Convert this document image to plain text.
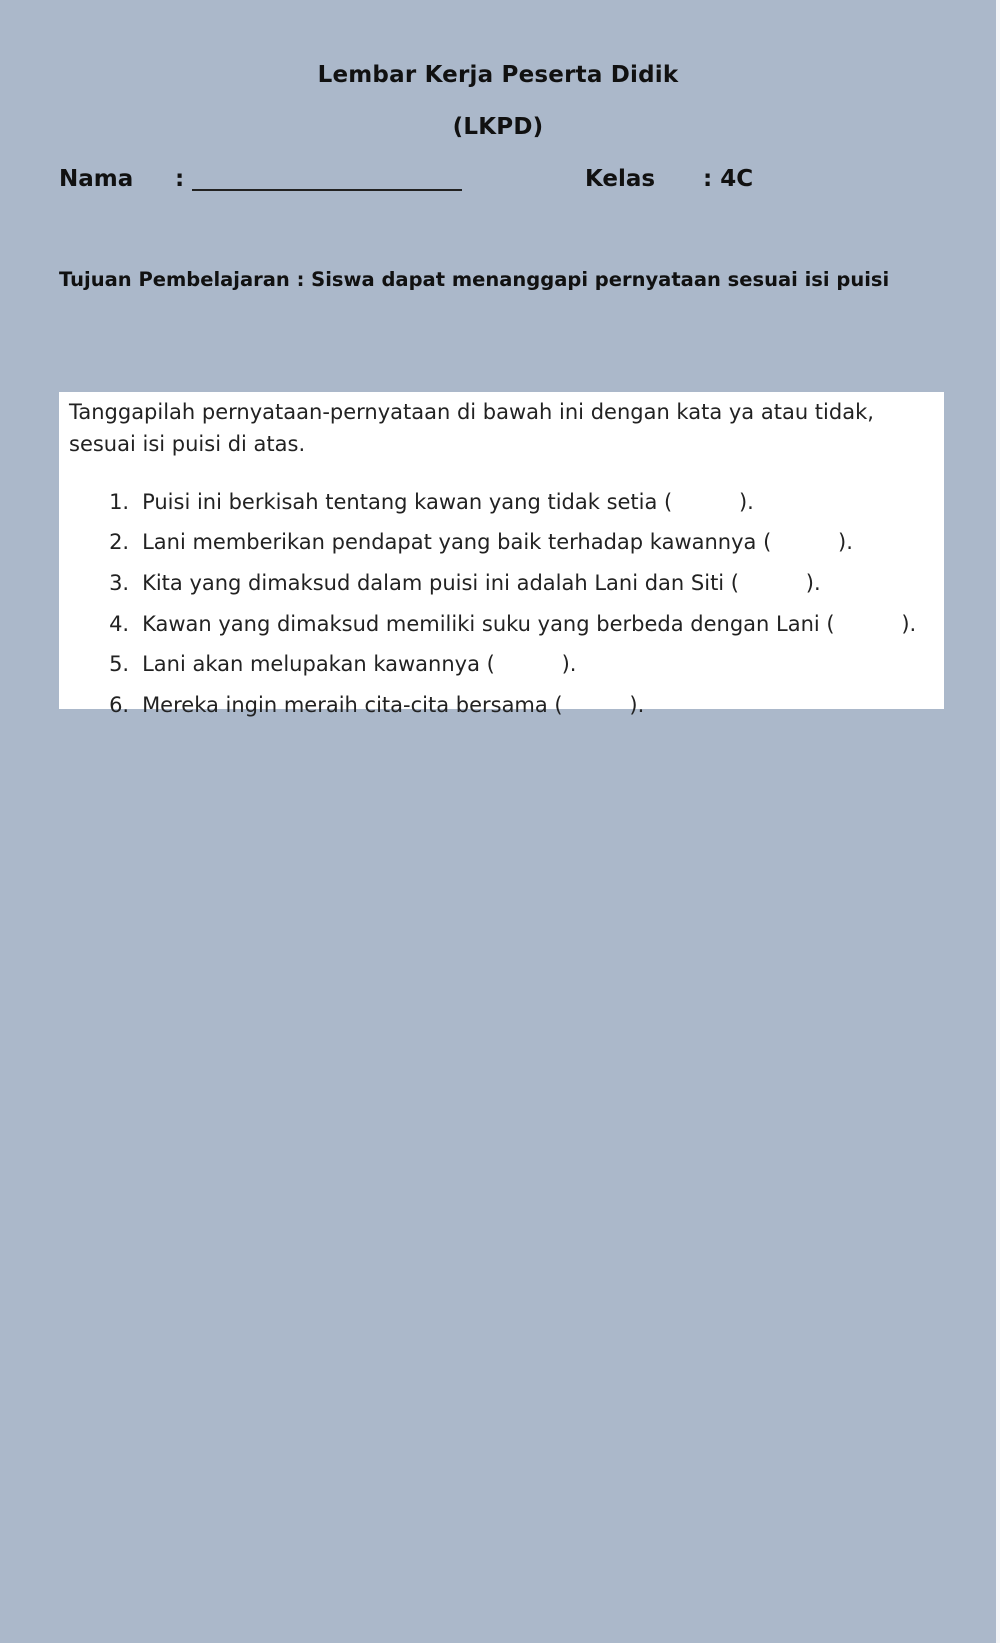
Lembar Kerja Peserta Didik
(LKPD)
Nama :	Kelas : 4C
Tujuan Pembelajaran : Siswa dapat menanggapi pernyataan sesuai isi puisi
Tanggapilah pernyataan-pernyataan di bawah ini dengan kata ya atau tidak, sesuai isi puisi di atas.

1. Puisi ini berkisah tentang kawan yang tidak setia (          ).

2. Lani memberikan pendapat yang baik terhadap kawannya (          ).

3. Kita yang dimaksud dalam puisi ini adalah Lani dan Siti (          ).

4. Kawan yang dimaksud memiliki suku yang berbeda dengan Lani (          ).

5. Lani akan melupakan kawannya (          ).

6. Mereka ingin meraih cita-cita bersama (          ).
